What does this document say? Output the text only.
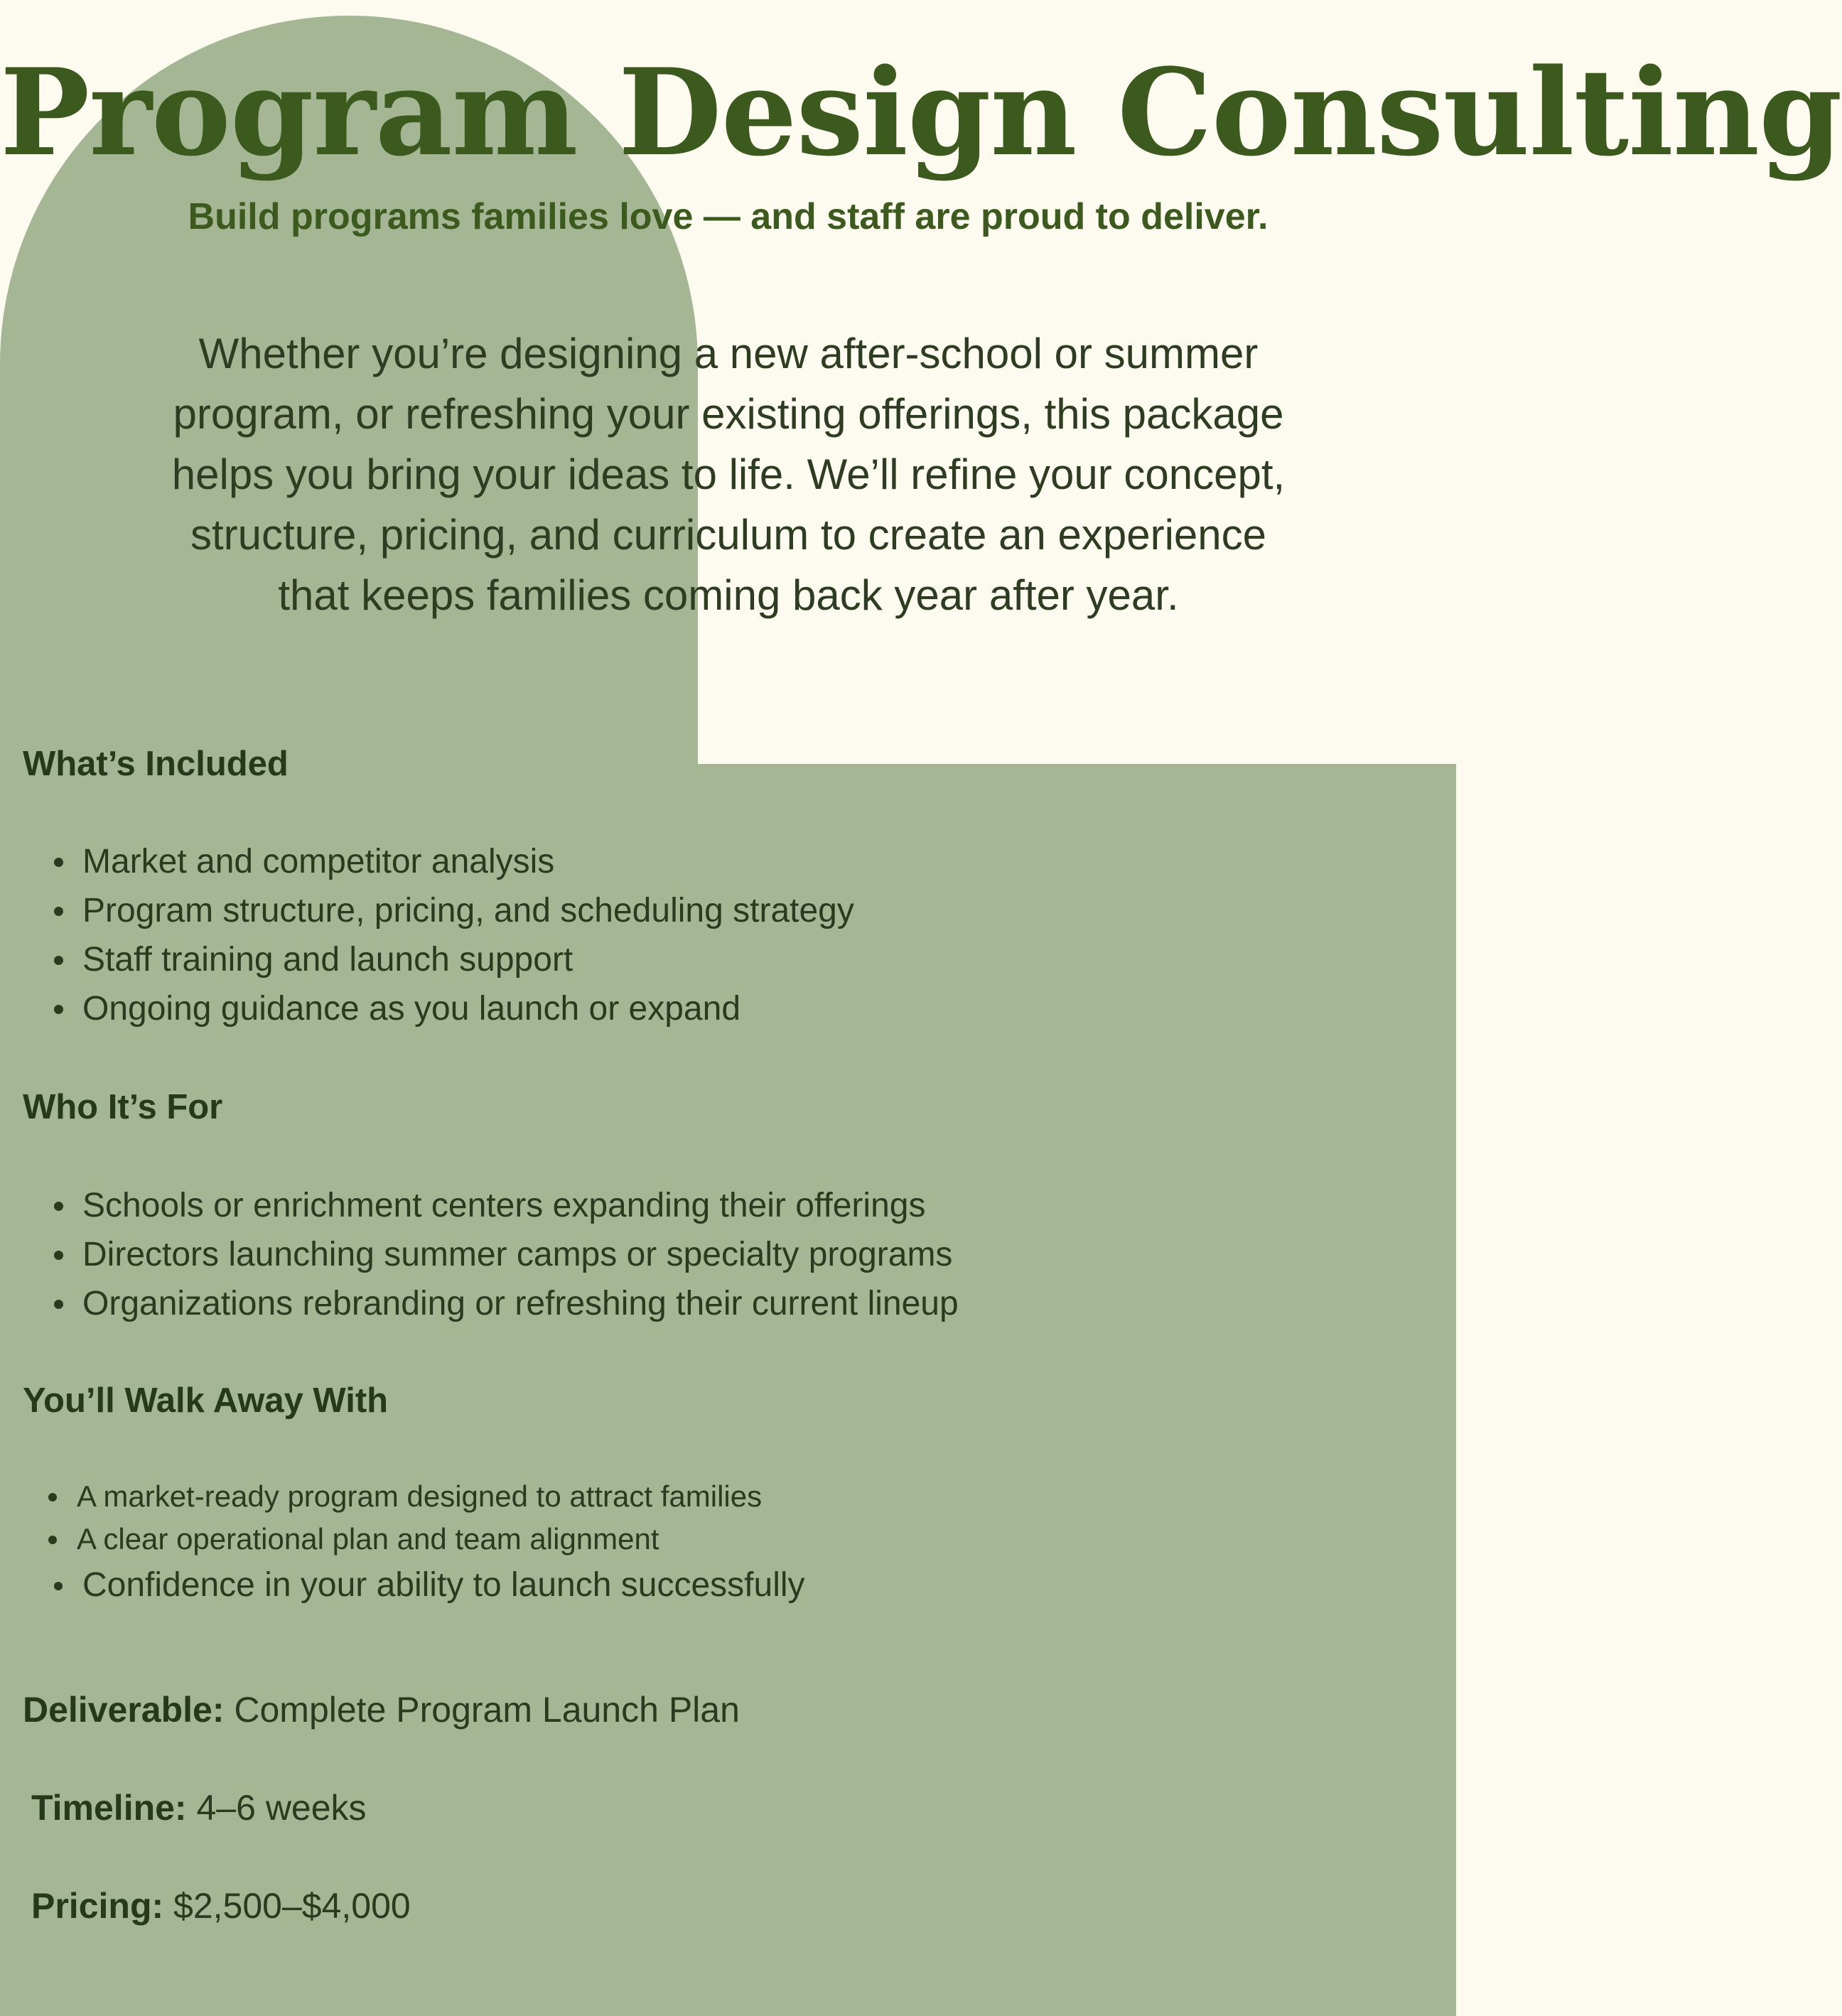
Program Design Consulting
Build programs families love — and staff are proud to deliver.

Whether you’re designing a new after-school or summer program, or refreshing your existing offerings, this package helps you bring your ideas to life. We’ll refine your concept, structure, pricing, and curriculum to create an experience that keeps families coming back year after year.

What’s Included
Market and competitor analysis
Program structure, pricing, and scheduling strategy
Staff training and launch support
Ongoing guidance as you launch or expand
Who It’s For
Schools or enrichment centers expanding their offerings
Directors launching summer camps or specialty programs
Organizations rebranding or refreshing their current lineup
You’ll Walk Away With
A market-ready program designed to attract families
A clear operational plan and team alignment
Confidence in your ability to launch successfully
Deliverable: Complete Program Launch Plan
Timeline: 4–6 weeks
Pricing: $2,500–$4,000
